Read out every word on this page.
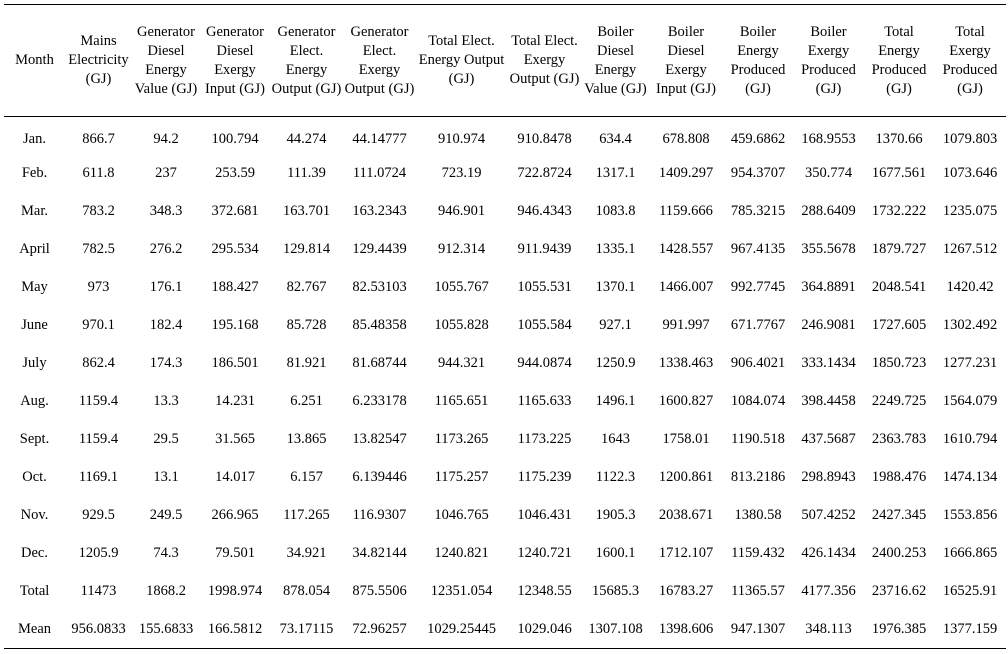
Month	Mains Electricity (GJ)	Generator Diesel Energy Value (GJ)	Generator Diesel Exergy Input (GJ)	Generator Elect. Energy Output (GJ)	Generator Elect. Exergy Output (GJ)	Total Elect. Energy Output (GJ)	Total Elect. Exergy Output (GJ)	Boiler Diesel Energy Value (GJ)	Boiler Diesel Exergy Input (GJ)	Boiler Energy Produced (GJ)	Boiler Exergy Produced (GJ)	Total Energy Produced (GJ)	Total Exergy Produced (GJ)
Jan.	866.7	94.2	100.794	44.274	44.14777	910.974	910.8478	634.4	678.808	459.6862	168.9553	1370.66	1079.803
Feb.	611.8	237	253.59	111.39	111.0724	723.19	722.8724	1317.1	1409.297	954.3707	350.774	1677.561	1073.646
Mar.	783.2	348.3	372.681	163.701	163.2343	946.901	946.4343	1083.8	1159.666	785.3215	288.6409	1732.222	1235.075
April	782.5	276.2	295.534	129.814	129.4439	912.314	911.9439	1335.1	1428.557	967.4135	355.5678	1879.727	1267.512
May	973	176.1	188.427	82.767	82.53103	1055.767	1055.531	1370.1	1466.007	992.7745	364.8891	2048.541	1420.42
June	970.1	182.4	195.168	85.728	85.48358	1055.828	1055.584	927.1	991.997	671.7767	246.9081	1727.605	1302.492
July	862.4	174.3	186.501	81.921	81.68744	944.321	944.0874	1250.9	1338.463	906.4021	333.1434	1850.723	1277.231
Aug.	1159.4	13.3	14.231	6.251	6.233178	1165.651	1165.633	1496.1	1600.827	1084.074	398.4458	2249.725	1564.079
Sept.	1159.4	29.5	31.565	13.865	13.82547	1173.265	1173.225	1643	1758.01	1190.518	437.5687	2363.783	1610.794
Oct.	1169.1	13.1	14.017	6.157	6.139446	1175.257	1175.239	1122.3	1200.861	813.2186	298.8943	1988.476	1474.134
Nov.	929.5	249.5	266.965	117.265	116.9307	1046.765	1046.431	1905.3	2038.671	1380.58	507.4252	2427.345	1553.856
Dec.	1205.9	74.3	79.501	34.921	34.82144	1240.821	1240.721	1600.1	1712.107	1159.432	426.1434	2400.253	1666.865
Total	11473	1868.2	1998.974	878.054	875.5506	12351.054	12348.55	15685.3	16783.27	11365.57	4177.356	23716.62	16525.91
Mean	956.0833	155.6833	166.5812	73.17115	72.96257	1029.25445	1029.046	1307.108	1398.606	947.1307	348.113	1976.385	1377.159
